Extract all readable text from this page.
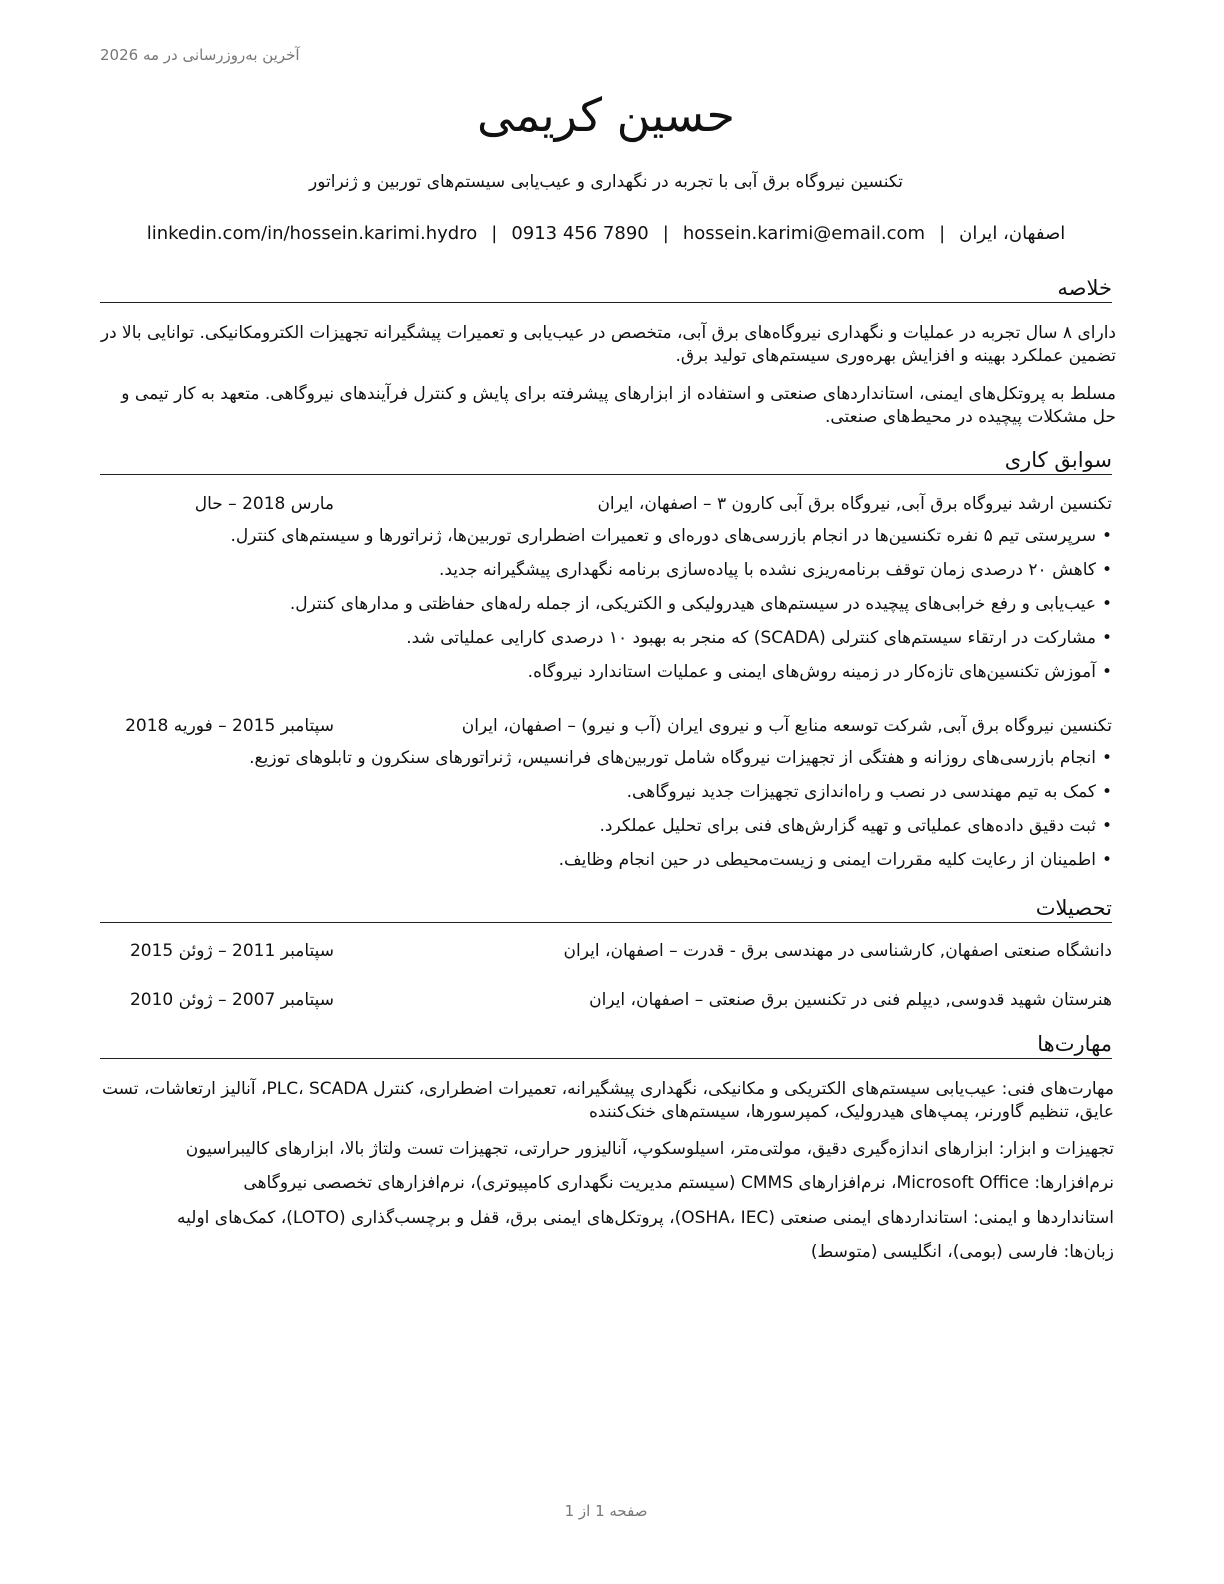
آخرین به‌روزرسانی در مه 2026
حسین کریمی
تکنسین نیروگاه برق آبی با تجربه در نگهداری و عیب‌یابی سیستم‌های توربین و ژنراتور
اصفهان، ایران|hossein.karimi@email.com|0913 456 7890|linkedin.com/in/hossein.karimi.hydro
خلاصه
دارای ۸ سال تجربه در عملیات و نگهداری نیروگاه‌های برق آبی، متخصص در عیب‌یابی و تعمیرات پیشگیرانه تجهیزات الکترومکانیکی. توانایی بالا در تضمین عملکرد بهینه و افزایش بهره‌وری سیستم‌های تولید برق.
مسلط به پروتکل‌های ایمنی، استانداردهای صنعتی و استفاده از ابزارهای پیشرفته برای پایش و کنترل فرآیندهای نیروگاهی. متعهد به کار تیمی و حل مشکلات پیچیده در محیط‌های صنعتی.
سوابق کاری
تکنسین ارشد نیروگاه برق آبی, نیروگاه برق آبی کارون ۳ – اصفهان، ایران
مارس 2018 – حال
• سرپرستی تیم ۵ نفره تکنسین‌ها در انجام بازرسی‌های دوره‌ای و تعمیرات اضطراری توربین‌ها، ژنراتورها و سیستم‌های کنترل.
• کاهش ۲۰ درصدی زمان توقف برنامه‌ریزی نشده با پیاده‌سازی برنامه نگهداری پیشگیرانه جدید.
• عیب‌یابی و رفع خرابی‌های پیچیده در سیستم‌های هیدرولیکی و الکتریکی، از جمله رله‌های حفاظتی و مدارهای کنترل.
• مشارکت در ارتقاء سیستم‌های کنترلی (SCADA) که منجر به بهبود ۱۰ درصدی کارایی عملیاتی شد.
• آموزش تکنسین‌های تازه‌کار در زمینه روش‌های ایمنی و عملیات استاندارد نیروگاه.
تکنسین نیروگاه برق آبی, شرکت توسعه منابع آب و نیروی ایران (آب و نیرو) – اصفهان، ایران
سپتامبر 2015 – فوریه 2018
• انجام بازرسی‌های روزانه و هفتگی از تجهیزات نیروگاه شامل توربین‌های فرانسیس، ژنراتورهای سنکرون و تابلوهای توزیع.
• کمک به تیم مهندسی در نصب و راه‌اندازی تجهیزات جدید نیروگاهی.
• ثبت دقیق داده‌های عملیاتی و تهیه گزارش‌های فنی برای تحلیل عملکرد.
• اطمینان از رعایت کلیه مقررات ایمنی و زیست‌محیطی در حین انجام وظایف.
تحصیلات
دانشگاه صنعتی اصفهان, کارشناسی در مهندسی برق - قدرت – اصفهان، ایران
سپتامبر 2011 – ژوئن 2015
هنرستان شهید قدوسی, دیپلم فنی در تکنسین برق صنعتی – اصفهان، ایران
سپتامبر 2007 – ژوئن 2010
مهارت‌ها
مهارت‌های فنی: عیب‌یابی سیستم‌های الکتریکی و مکانیکی، نگهداری پیشگیرانه، تعمیرات اضطراری، کنترل PLC، SCADA، آنالیز ارتعاشات، تست عایق، تنظیم گاورنر، پمپ‌های هیدرولیک، کمپرسورها، سیستم‌های خنک‌کننده
تجهیزات و ابزار: ابزارهای اندازه‌گیری دقیق، مولتی‌متر، اسیلوسکوپ، آنالیزور حرارتی، تجهیزات تست ولتاژ بالا، ابزارهای کالیبراسیون
نرم‌افزارها: Microsoft Office، نرم‌افزارهای CMMS (سیستم مدیریت نگهداری کامپیوتری)، نرم‌افزارهای تخصصی نیروگاهی
استانداردها و ایمنی: استانداردهای ایمنی صنعتی (OSHA، IEC)، پروتکل‌های ایمنی برق، قفل و برچسب‌گذاری (LOTO)، کمک‌های اولیه
زبان‌ها: فارسی (بومی)، انگلیسی (متوسط)
صفحه 1 از 1
